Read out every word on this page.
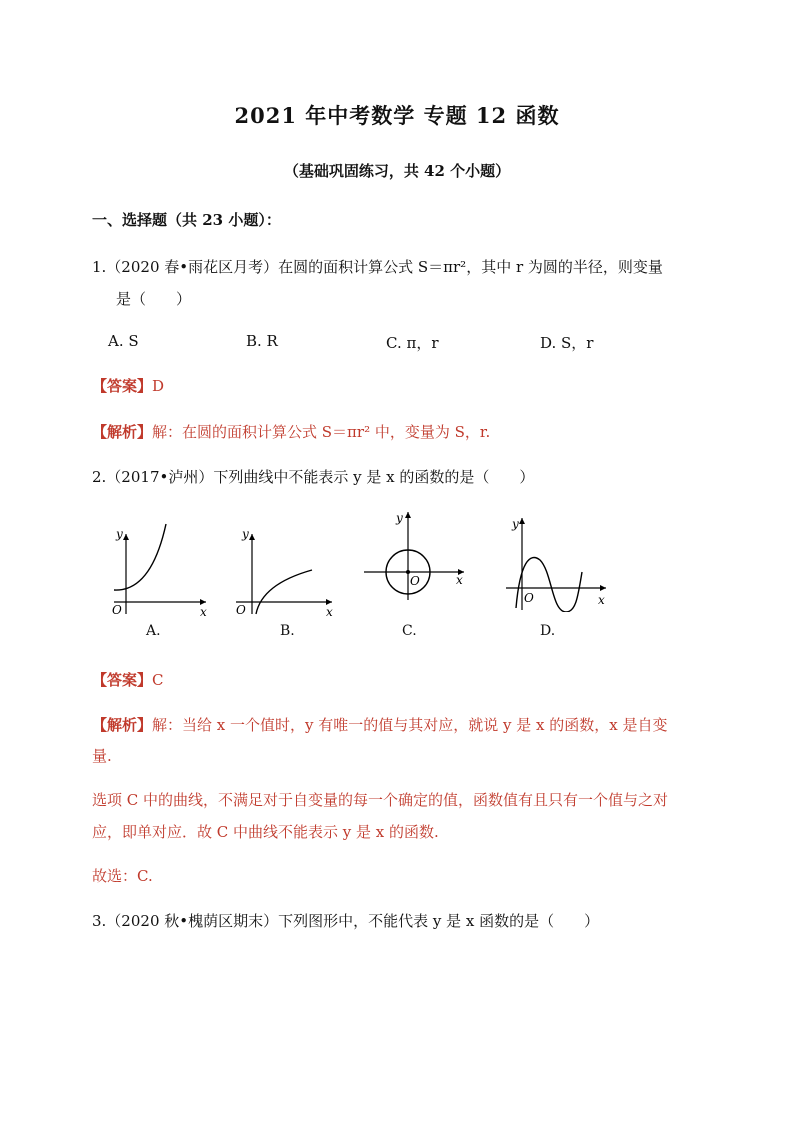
2021 年中考数学 专题 12 函数
（基础巩固练习，共 42 个小题）
一、选择题（共 23 小题）：
1.（2020 春•雨花区月考）在圆的面积计算公式 S＝πr²，其中 r 为圆的半径，则变量
是（　　）
A. S	B. R	C. π，r	D. S，r
【答案】D
【解析】解：在圆的面积计算公式 S＝πr² 中，变量为 S，r.
2.（2017•泸州）下列曲线中不能表示 y 是 x 的函数的是（　　）
x
y
O
A.
x
y
O
B.
x
y
O
C.
x
y
O
D.
【答案】C
【解析】解：当给 x 一个值时，y 有唯一的值与其对应，就说 y 是 x 的函数，x 是自变
量.
选项 C 中的曲线，不满足对于自变量的每一个确定的值，函数值有且只有一个值与之对
应，即单对应．故 C 中曲线不能表示 y 是 x 的函数.
故选：C.
3.（2020 秋•槐荫区期末）下列图形中，不能代表 y 是 x 函数的是（　　）
